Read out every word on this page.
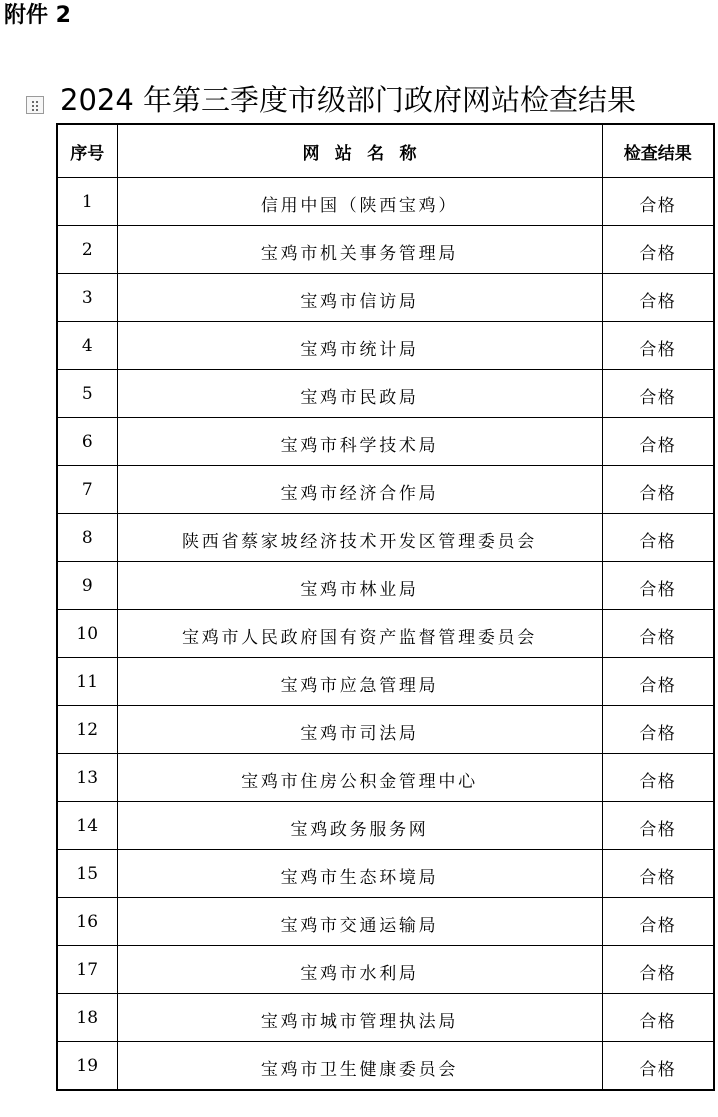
附件 2
2024 年第三季度市级部门政府网站检查结果
序号	网站名称	检查结果
1	信用中国（陕西宝鸡）	合格
2	宝鸡市机关事务管理局	合格
3	宝鸡市信访局	合格
4	宝鸡市统计局	合格
5	宝鸡市民政局	合格
6	宝鸡市科学技术局	合格
7	宝鸡市经济合作局	合格
8	陕西省蔡家坡经济技术开发区管理委员会	合格
9	宝鸡市林业局	合格
10	宝鸡市人民政府国有资产监督管理委员会	合格
11	宝鸡市应急管理局	合格
12	宝鸡市司法局	合格
13	宝鸡市住房公积金管理中心	合格
14	宝鸡政务服务网	合格
15	宝鸡市生态环境局	合格
16	宝鸡市交通运输局	合格
17	宝鸡市水利局	合格
18	宝鸡市城市管理执法局	合格
19	宝鸡市卫生健康委员会	合格
